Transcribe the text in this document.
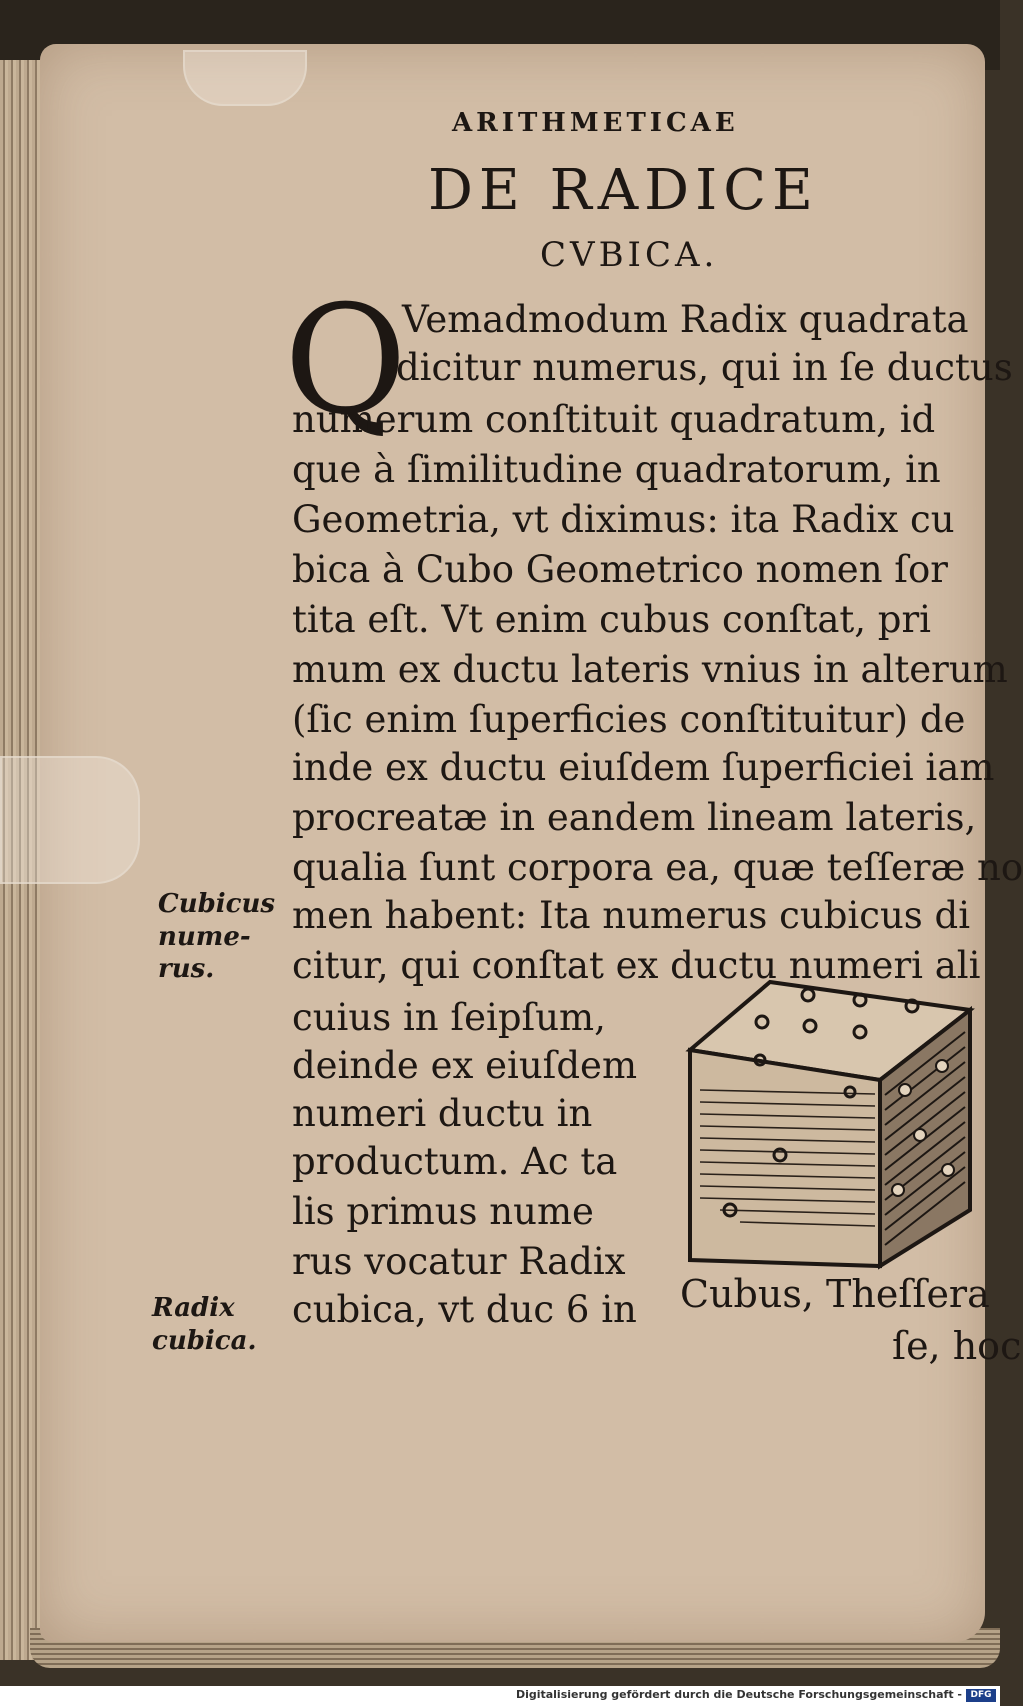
ARITHMETICAE
DE RADICE
CVBICA.
Q
Vemadmodum Radix quadrata
dicitur numerus, qui in ſe ductus
numerum conſtituit quadratum, id
que à ſimilitudine quadratorum, in
Geometria, vt diximus: ita Radix cu
bica à Cubo Geometrico nomen ſor
tita eſt. Vt enim cubus conſtat, pri
mum ex ductu lateris vnius in alterum
(ſic enim ſuperficies conſtituitur) de
inde ex ductu eiuſdem ſuperficiei iam
procreatæ in eandem lineam lateris,
qualia ſunt corpora ea, quæ teſſeræ no
men habent: Ita numerus cubicus di
citur, qui conſtat ex ductu numeri ali
cuius in ſeipſum,
deinde ex eiuſdem
numeri ductu in
productum. Ac ta
lis primus nume
rus vocatur Radix
cubica, vt duc 6 in
Cubicus
nume-
rus.
Radix
cubica.
Cubus, Theſſera
ſe, hoc
Digitalisierung gefördert durch die Deutsche Forschungsgemeinschaft - DFG
